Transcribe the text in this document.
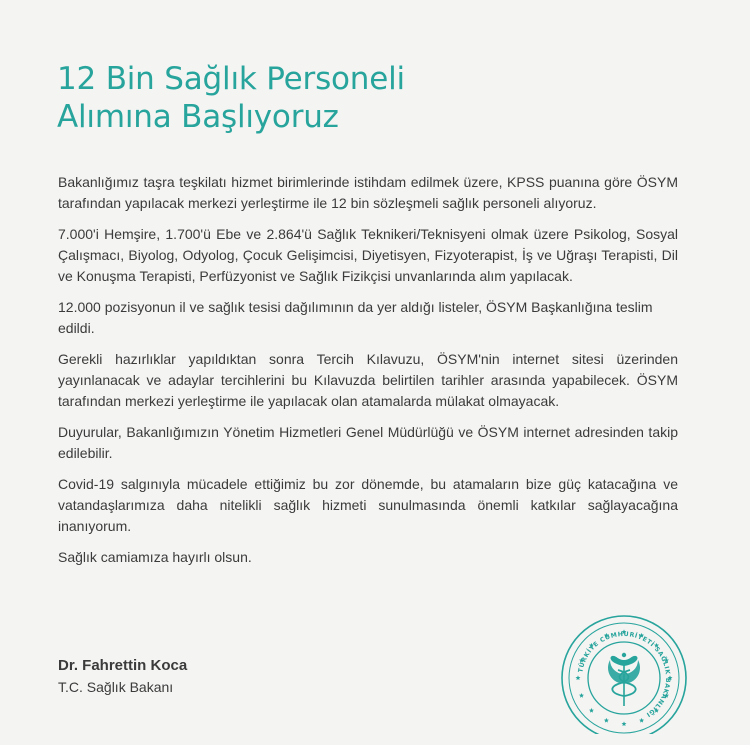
12 Bin Sağlık Personeli
Alımına Başlıyoruz

Bakanlığımız taşra teşkilatı hizmet birimlerinde istihdam edilmek üzere, KPSS puanına göre ÖSYM tarafından yapılacak merkezi yerleştirme ile 12 bin sözleşmeli sağlık personeli alıyoruz.

7.000'i Hemşire, 1.700'ü Ebe ve 2.864'ü Sağlık Teknikeri/Teknisyeni olmak üzere Psikolog, Sosyal Çalışmacı, Biyolog, Odyolog, Çocuk Gelişimcisi, Diyetisyen, Fizyoterapist, İş ve Uğraşı Terapisti, Dil ve Konuşma Terapisti, Perfüzyonist ve Sağlık Fizikçisi unvanlarında alım yapılacak.

12.000 pozisyonun il ve sağlık tesisi dağılımının da yer aldığı listeler, ÖSYM Başkanlığına teslim edildi.

Gerekli hazırlıklar yapıldıktan sonra Tercih Kılavuzu, ÖSYM'nin internet sitesi üzerinden yayınlanacak ve adaylar tercihlerini bu Kılavuzda belirtilen tarihler arasında yapabilecek. ÖSYM tarafından merkezi yerleştirme ile yapılacak olan atamalarda mülakat olmayacak.

Duyurular, Bakanlığımızın Yönetim Hizmetleri Genel Müdürlüğü ve ÖSYM internet adresinden takip edilebilir.

Covid-19 salgınıyla mücadele ettiğimiz bu zor dönemde, bu atamaların bize güç katacağına ve vatandaşlarımıza daha nitelikli sağlık hizmeti sunulmasında önemli katkılar sağlayacağına inanıyorum.

Sağlık camiamıza hayırlı olsun.

Dr. Fahrettin Koca
T.C. Sağlık Bakanı
TÜRKİYE CUMHURİYETİ SAĞLIK BAKANLIĞI
